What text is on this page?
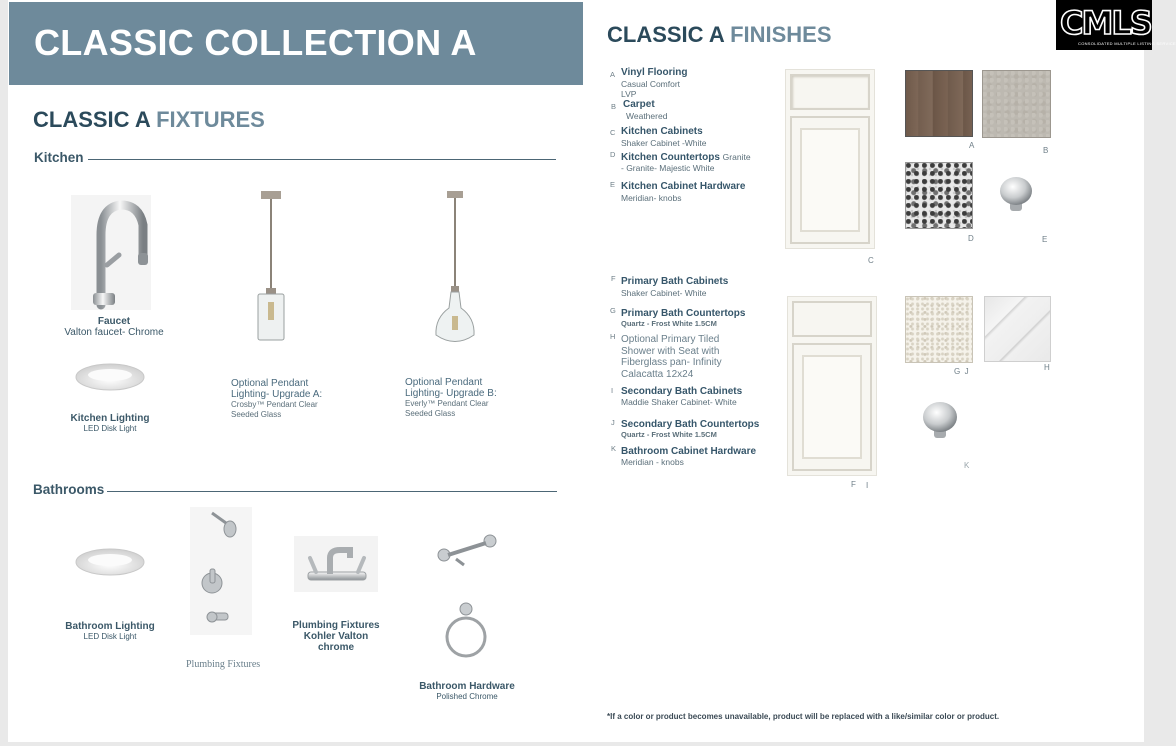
CLASSIC COLLECTION A
CLASSIC A FIXTURES
Kitchen
Faucet
Valton faucet- Chrome
Kitchen Lighting
LED Disk Light
Optional Pendant
Lighting- Upgrade A:
Crosby™ Pendant Clear
Seeded Glass
Optional Pendant
Lighting- Upgrade B:
Everly™ Pendant Clear
Seeded Glass
Bathrooms
Bathroom Lighting
LED Disk Light
Plumbing Fixtures
Plumbing Fixtures
Kohler Valton
chrome
Bathroom Hardware
Polished Chrome
CLASSIC A FINISHES
A Vinyl Flooring
Casual Comfort
LVP
B Carpet
Weathered
C Kitchen Cabinets
Shaker Cabinet -White
D Kitchen Countertops Granite
- Granite- Majestic White
E Kitchen Cabinet Hardware
Meridian- knobs
C
A
B
D	E
F Primary Bath Cabinets
Shaker Cabinet- White
G Primary Bath Countertops
Quartz - Frost White 1.5CM
H Optional Primary Tiled
Shower with Seat with
Fiberglass pan- Infinity
Calacatta 12x24
I Secondary Bath Cabinets
Maddie Shaker Cabinet- White
J Secondary Bath Countertops
Quartz - Frost White 1.5CM
K Bathroom Cabinet Hardware
Meridian - knobs
F I
G  J	H
K
*If a color or product becomes unavailable, product will be replaced with a like/similar color or product.
CMLS
CONSOLIDATED MULTIPLE LISTING SERVICE
